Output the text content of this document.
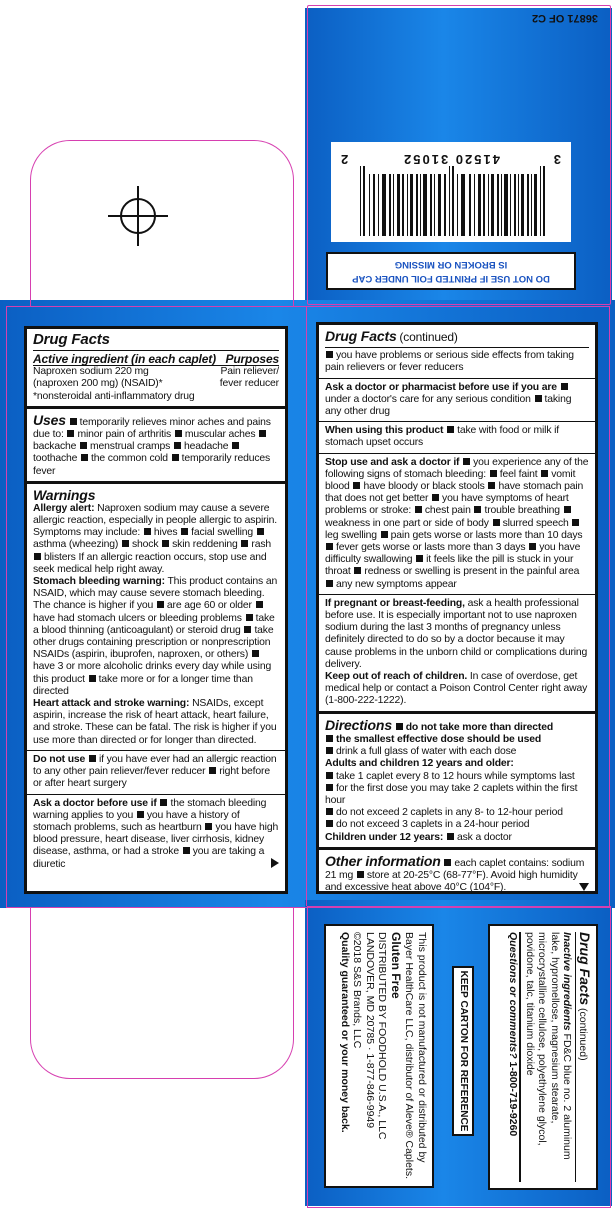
DO NOT USE IF PRINTED FOIL UNDER CAP
IS BROKEN OR MISSING
3
41520 31052
2
36871 OF C2
Drug Facts
Active ingredient (in each caplet) Purposes
Naproxen sodium 220 mg	Pain reliever/
(naproxen 200 mg) (NSAID)*	fever reducer
*nonsteroidal anti-inflammatory drug
Uses temporarily relieves minor aches and pains due to: minor pain of arthritis muscular aches backache menstrual cramps headache toothache the common cold temporarily reduces fever
Warnings
Allergy alert: Naproxen sodium may cause a severe allergic reaction, especially in people allergic to aspirin. Symptoms may include: hives facial swelling asthma (wheezing) shock skin reddening rash blisters If an allergic reaction occurs, stop use and seek medical help right away.
Stomach bleeding warning: This product contains an NSAID, which may cause severe stomach bleeding. The chance is higher if you are age 60 or older have had stomach ulcers or bleeding problems take a blood thinning (anticoagulant) or steroid drug take other drugs containing prescription or nonprescription NSAIDs (aspirin, ibuprofen, naproxen, or others) have 3 or more alcoholic drinks every day while using this product take more or for a longer time than directed
Heart attack and stroke warning: NSAIDs, except aspirin, increase the risk of heart attack, heart failure, and stroke. These can be fatal. The risk is higher if you use more than directed or for longer than directed.
Do not use if you have ever had an allergic reaction to any other pain reliever/fever reducer right before or after heart surgery
Ask a doctor before use if the stomach bleeding warning applies to you you have a history of stomach problems, such as heartburn you have high blood pressure, heart disease, liver cirrhosis, kidney disease, asthma, or had a stroke you are taking a diuretic
Drug Facts (continued)
you have problems or serious side effects from taking pain relievers or fever reducers
Ask a doctor or pharmacist before use if you are under a doctor's care for any serious condition taking any other drug
When using this product take with food or milk if stomach upset occurs
Stop use and ask a doctor if you experience any of the following signs of stomach bleeding: feel faint vomit blood have bloody or black stools have stomach pain that does not get better you have symptoms of heart problems or stroke: chest pain trouble breathing weakness in one part or side of body slurred speech leg swelling pain gets worse or lasts more than 10 days fever gets worse or lasts more than 3 days you have difficulty swallowing it feels like the pill is stuck in your throat redness or swelling is present in the painful area any new symptoms appear
If pregnant or breast-feeding, ask a health professional before use. It is especially important not to use naproxen sodium during the last 3 months of pregnancy unless definitely directed to do so by a doctor because it may cause problems in the unborn child or complications during delivery.
Keep out of reach of children. In case of overdose, get medical help or contact a Poison Control Center right away (1-800-222-1222).
Directions do not take more than directed
the smallest effective dose should be used
drink a full glass of water with each dose
Adults and children 12 years and older:
take 1 caplet every 8 to 12 hours while symptoms last
for the first dose you may take 2 caplets within the first hour
do not exceed 2 caplets in any 8- to 12-hour period
do not exceed 3 caplets in a 24-hour period
Children under 12 years: ask a doctor
Other information each caplet contains: sodium 21 mg store at 20-25°C (68-77°F). Avoid high humidity and excessive heat above 40°C (104°F).
Drug Facts (continued)
Inactive ingredients FD&C blue no. 2 aluminum lake, hypromellose, magnesium stearate, microcrystalline cellulose, polyethylene glycol, povidone, talc, titanium dioxide
Questions or comments? 1-800-719-9260
KEEP CARTON FOR REFERENCE
This product is not manufactured or distributed by Bayer HealthCare LLC, distributor of Aleve® Caplets.
Gluten Free
DISTRIBUTED BY FOODHOLD U.S.A., LLC
LANDOVER, MD 20785 · 1-877-846-9949
©2018 S&S Brands, LLC
Quality guaranteed or your money back.
